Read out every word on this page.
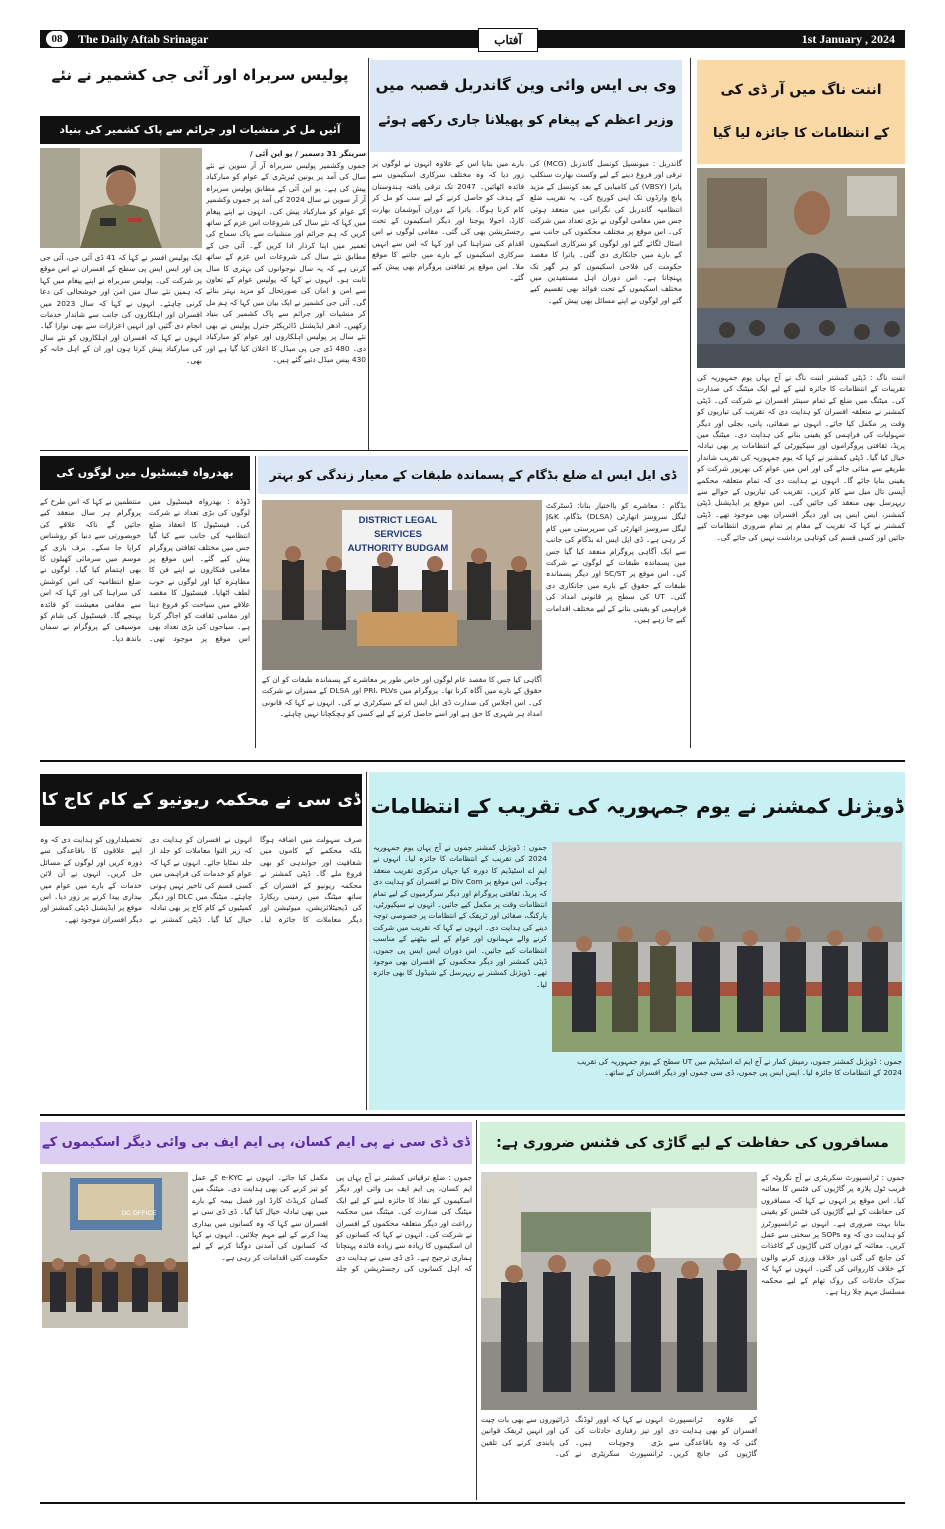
08	The Daily Aftab Srinagar	آفتاب	1st January , 2024
پولیس سربراہ اور آئی جی کشمیر نے نئے
آئیں مل کر منشیات اور جرائم سے پاک کشمیر کی بنیاد
سرینگر 31 دسمبر / یو این آئی /
جموں وکشمیر پولیس سربراہ آر آر سوین نے نئے سال کی آمد پر یونین ٹیریٹری کے عوام کو مبارکباد پیش کی ہے۔ یو این آئی کے مطابق پولیس سربراہ آر آر سوین نے سال 2024 کی آمد پر جموں وکشمیر کے عوام کو مبارکباد پیش کی۔ انہوں نے اپنے پیغام میں کہا کہ نئے سال کی شروعات اس عزم کے ساتھ کریں کہ ہم جرائم اور منشیات سے پاک سماج کی تعمیر میں اپنا کردار ادا کریں گے۔ آئی جی کے مطابق نئے سال کی شروعات اس عزم کے ساتھ کرنی ہے کہ یہ سال نوجوانوں کی بہتری کا سال ثابت ہو۔ انہوں نے کہا کہ پولیس عوام کے تعاون سے امن و امان کی صورتحال کو مزید بہتر بنائے گی۔ آئی جی کشمیر نے ایک بیان میں کہا کہ ہم مل کر منشیات اور جرائم سے پاک کشمیر کی بنیاد رکھیں۔ ادھر ایڈیشنل ڈائریکٹر جنرل پولیس نے بھی نئے سال پر پولیس اہلکاروں اور عوام کو مبارکباد دی۔ 480 ڈی جی پی میڈل کا اعلان کیا گیا ہے اور 430 پیس میڈل دئیے گئے ہیں۔
ایک پولیس افسر نے کہا کہ 41 ڈی آئی جی، آئی جی پی اور ایس ایس پی سطح کے افسران نے اس موقع پر شرکت کی۔ پولیس سربراہ نے اپنے پیغام میں کہا کہ ہمیں نئے سال میں امن اور خوشحالی کی دعا کرنی چاہئے۔ انہوں نے کہا کہ سال 2023 میں افسران اور اہلکاروں کی جانب سے شاندار خدمات انجام دی گئیں اور انہیں اعزازات سے بھی نوازا گیا۔ انہوں نے کہا کہ افسران اور اہلکاروں کو نئے سال کی مبارکباد پیش کرتا ہوں اور ان کے اہل خانہ کو بھی۔
وی بی ایس وائی وین گاندربل قصبہ میں
وزیر اعظم کے پیغام کو پھیلانا جاری رکھے ہوئے
گاندربل : میونسپل کونسل گاندربل (MCG) کی ترقی اور فروغ دینے کے لیے وکست بھارت سنکلپ یاترا (VBSY) کی کامیابی کے بعد کونسل کے مزید پانچ وارڈوں تک اپنی کوریج کی۔ یہ تقریب ضلع انتظامیہ گاندربل کی نگرانی میں منعقد ہوئی جس میں مقامی لوگوں نے بڑی تعداد میں شرکت کی۔ اس موقع پر مختلف محکموں کی جانب سے اسٹال لگائے گئے اور لوگوں کو سرکاری اسکیموں کے بارے میں جانکاری دی گئی۔ یاترا کا مقصد حکومت کی فلاحی اسکیموں کو ہر گھر تک پہنچانا ہے۔ اس دوران اہل مستفیدین میں مختلف اسکیموں کے تحت فوائد بھی تقسیم کیے گئے اور لوگوں نے اپنے مسائل بھی پیش کیے۔
بارے میں بتایا اس کے علاوہ انہوں نے لوگوں پر زور دیا کہ وہ مختلف سرکاری اسکیموں سے فائدہ اٹھائیں۔ 2047 تک ترقی یافتہ ہندوستان کے ہدف کو حاصل کرنے کے لیے سب کو مل کر کام کرنا ہوگا۔ یاترا کے دوران آیوشمان بھارت کارڈ، اجولا یوجنا اور دیگر اسکیموں کے تحت رجسٹریشن بھی کی گئی۔ مقامی لوگوں نے اس اقدام کی سراہنا کی اور کہا کہ اس سے انہیں سرکاری اسکیموں کے بارے میں جاننے کا موقع ملا۔ اس موقع پر ثقافتی پروگرام بھی پیش کیے گئے۔
اننت ناگ میں آر ڈی کی
کے انتظامات کا جائزہ لیا گیا
اننت ناگ : ڈپٹی کمشنر اننت ناگ نے آج یہاں یوم جمہوریہ کی تقریبات کے انتظامات کا جائزہ لینے کے لیے ایک میٹنگ کی صدارت کی۔ میٹنگ میں ضلع کے تمام سینئر افسران نے شرکت کی۔ ڈپٹی کمشنر نے متعلقہ افسران کو ہدایت دی کہ تقریب کی تیاریوں کو وقت پر مکمل کیا جائے۔ انہوں نے صفائی، پانی، بجلی اور دیگر سہولیات کی فراہمی کو یقینی بنانے کی ہدایت دی۔ میٹنگ میں پریڈ، ثقافتی پروگراموں اور سیکیورٹی کے انتظامات پر بھی تبادلہ خیال کیا گیا۔ ڈپٹی کمشنر نے کہا کہ یوم جمہوریہ کی تقریب شاندار طریقے سے منائی جائے گی اور اس میں عوام کی بھرپور شرکت کو یقینی بنایا جائے گا۔ انہوں نے ہدایت دی کہ تمام متعلقہ محکمے آپسی تال میل سے کام کریں۔ تقریب کی تیاریوں کے حوالے سے ریہرسل بھی منعقد کی جائیں گی۔ اس موقع پر ایڈیشنل ڈپٹی کمشنر، ایس ایس پی اور دیگر افسران بھی موجود تھے۔ ڈپٹی کمشنر نے کہا کہ تقریب کے مقام پر تمام ضروری انتظامات کیے جائیں اور کسی قسم کی کوتاہی برداشت نہیں کی جائے گی۔
بھدرواہ فیسٹیول میں لوگوں کی
ڈوڈہ : بھدرواہ فیسٹیول میں لوگوں کی بڑی تعداد نے شرکت کی۔ فیسٹیول کا انعقاد ضلع انتظامیہ کی جانب سے کیا گیا جس میں مختلف ثقافتی پروگرام پیش کیے گئے۔ اس موقع پر مقامی فنکاروں نے اپنے فن کا مظاہرہ کیا اور لوگوں نے خوب لطف اٹھایا۔ فیسٹیول کا مقصد علاقے میں سیاحت کو فروغ دینا اور مقامی ثقافت کو اجاگر کرنا ہے۔ سیاحوں کی بڑی تعداد بھی اس موقع پر موجود تھی۔ منتظمین نے کہا کہ اس طرح کے پروگرام ہر سال منعقد کیے جائیں گے تاکہ علاقے کی خوبصورتی سے دنیا کو روشناس کرایا جا سکے۔ برف باری کے موسم میں سرمائی کھیلوں کا بھی اہتمام کیا گیا۔ لوگوں نے ضلع انتظامیہ کی اس کوشش کی سراہنا کی اور کہا کہ اس سے مقامی معیشت کو فائدہ پہنچے گا۔ فیسٹیول کی شام کو موسیقی کے پروگرام نے سماں باندھ دیا۔
ڈی ایل ایس اے ضلع بڈگام کے پسماندہ طبقات کے معیار زندگی کو بہتر
DISTRICT LEGAL SERVICES AUTHORITY BUDGAM
بڈگام : معاشرے کو بااختیار بنانا: ڈسٹرکٹ لیگل سروسز اتھارٹی (DLSA) بڈگام، J&K لیگل سروسز اتھارٹی کی سرپرستی میں کام کر رہی ہے۔ ڈی ایل ایس اے بڈگام کی جانب سے ایک آگاہی پروگرام منعقد کیا گیا جس میں پسماندہ طبقات کے لوگوں نے شرکت کی۔ اس موقع پر SC/ST اور دیگر پسماندہ طبقات کے حقوق کے بارے میں جانکاری دی گئی۔ UT کی سطح پر قانونی امداد کی فراہمی کو یقینی بنانے کے لیے مختلف اقدامات کیے جا رہے ہیں۔
آگاہی کیا جس کا مقصد عام لوگوں اور خاص طور پر معاشرے کے پسماندہ طبقات کو ان کے حقوق کے بارے میں آگاہ کرنا تھا۔ پروگرام میں PRI، PLVs اور DLSA کے ممبران نے شرکت کی۔ اس اجلاس کی صدارت ڈی ایل ایس اے کے سیکرٹری نے کی۔ انہوں نے کہا کہ قانونی امداد ہر شہری کا حق ہے اور اسے حاصل کرنے کے لیے کسی کو ہچکچانا نہیں چاہئے۔
ڈی سی نے محکمہ ریونیو کے کام کاج کا
صرف سہولت میں اضافہ ہوگا بلکہ محکمے کے کاموں میں شفافیت اور جوابدہی کو بھی فروغ ملے گا۔ ڈپٹی کمشنر نے محکمہ ریونیو کے افسران کے ساتھ میٹنگ میں زمینی ریکارڈ کی ڈیجیٹلائزیشن، میوٹیشن اور دیگر معاملات کا جائزہ لیا۔ انہوں نے افسران کو ہدایت دی کہ زیر التوا معاملات کو جلد از جلد نمٹایا جائے۔ انہوں نے کہا کہ عوام کو خدمات کی فراہمی میں کسی قسم کی تاخیر نہیں ہونی چاہئے۔ میٹنگ میں DLC اور دیگر کمیٹیوں کے کام کاج پر بھی تبادلہ خیال کیا گیا۔ ڈپٹی کمشنر نے تحصیلداروں کو ہدایت دی کہ وہ اپنے علاقوں کا باقاعدگی سے دورہ کریں اور لوگوں کے مسائل حل کریں۔ انہوں نے آن لائن خدمات کے بارے میں عوام میں بیداری پیدا کرنے پر زور دیا۔ اس موقع پر ایڈیشنل ڈپٹی کمشنر اور دیگر افسران موجود تھے۔
ڈویژنل کمشنر نے یوم جمہوریہ کی تقریب کے انتظامات
جموں : ڈویژنل کمشنر جموں نے آج یہاں یوم جمہوریہ 2024 کی تقریب کے انتظامات کا جائزہ لیا۔ انہوں نے ایم اے اسٹیڈیم کا دورہ کیا جہاں مرکزی تقریب منعقد ہوگی۔ اس موقع پر Div Com نے افسران کو ہدایت دی کہ پریڈ، ثقافتی پروگرام اور دیگر سرگرمیوں کے لیے تمام انتظامات وقت پر مکمل کیے جائیں۔ انہوں نے سیکیورٹی، پارکنگ، صفائی اور ٹریفک کے انتظامات پر خصوصی توجہ دینے کی ہدایت دی۔ انہوں نے کہا کہ تقریب میں شرکت کرنے والے مہمانوں اور عوام کے لیے بیٹھنے کے مناسب انتظامات کیے جائیں۔ اس دوران ایس ایس پی جموں، ڈپٹی کمشنر اور دیگر محکموں کے افسران بھی موجود تھے۔ ڈویژنل کمشنر نے ریہرسل کے شیڈول کا بھی جائزہ لیا۔
جموں : ڈویژنل کمشنر جموں، رمیش کمار نے آج ایم اے اسٹیڈیم میں UT سطح کے یوم جمہوریہ کی تقریب 2024 کے انتظامات کا جائزہ لیا۔ ایس ایس پی جموں، ڈی سی جموں اور دیگر افسران کے ساتھ۔
ڈی ڈی سی نے پی ایم کسان، پی ایم ایف بی وائی دیگر اسکیموں کے
DC OFFICE
جموں : ضلع ترقیاتی کمشنر نے آج یہاں پی ایم کسان، پی ایم ایف بی وائی اور دیگر اسکیموں کے نفاذ کا جائزہ لینے کے لیے ایک میٹنگ کی صدارت کی۔ میٹنگ میں محکمہ زراعت اور دیگر متعلقہ محکموں کے افسران نے شرکت کی۔ انہوں نے کہا کہ کسانوں کو ان اسکیموں کا زیادہ سے زیادہ فائدہ پہنچانا ہماری ترجیح ہے۔ ڈی ڈی سی نے ہدایت دی کہ اہل کسانوں کی رجسٹریشن کو جلد مکمل کیا جائے۔ انہوں نے e-KYC کے عمل کو تیز کرنے کی بھی ہدایت دی۔ میٹنگ میں کسان کریڈٹ کارڈ اور فصل بیمہ کے بارے میں بھی تبادلہ خیال کیا گیا۔ ڈی ڈی سی نے افسران سے کہا کہ وہ کسانوں میں بیداری پیدا کرنے کے لیے مہم چلائیں۔ انہوں نے کہا کہ کسانوں کی آمدنی دوگنا کرنے کے لیے حکومت کئی اقدامات کر رہی ہے۔
مسافروں کی حفاظت کے لیے گاڑی کی فٹنس ضروری ہے:
جموں : ٹرانسپورٹ سکریٹری نے آج نگروٹہ کے قریب ٹول پلازہ پر گاڑیوں کی فٹنس کا معائنہ کیا۔ اس موقع پر انہوں نے کہا کہ مسافروں کی حفاظت کے لیے گاڑیوں کی فٹنس کو یقینی بنانا بہت ضروری ہے۔ انہوں نے ٹرانسپورٹرز کو ہدایت دی کہ وہ SOPs پر سختی سے عمل کریں۔ معائنہ کے دوران کئی گاڑیوں کے کاغذات کی جانچ کی گئی اور خلاف ورزی کرنے والوں کے خلاف کارروائی کی گئی۔ انہوں نے کہا کہ سڑک حادثات کی روک تھام کے لیے محکمہ مسلسل مہم چلا رہا ہے۔
کے علاوہ ٹرانسپورٹ افسران کو بھی ہدایت دی گئی کہ وہ باقاعدگی سے گاڑیوں کی جانچ کریں۔ انہوں نے کہا کہ اوور لوڈنگ اور تیز رفتاری حادثات کی بڑی وجوہات ہیں۔ ٹرانسپورٹ سکریٹری نے ڈرائیوروں سے بھی بات چیت کی اور انہیں ٹریفک قوانین کی پابندی کرنے کی تلقین کی۔
